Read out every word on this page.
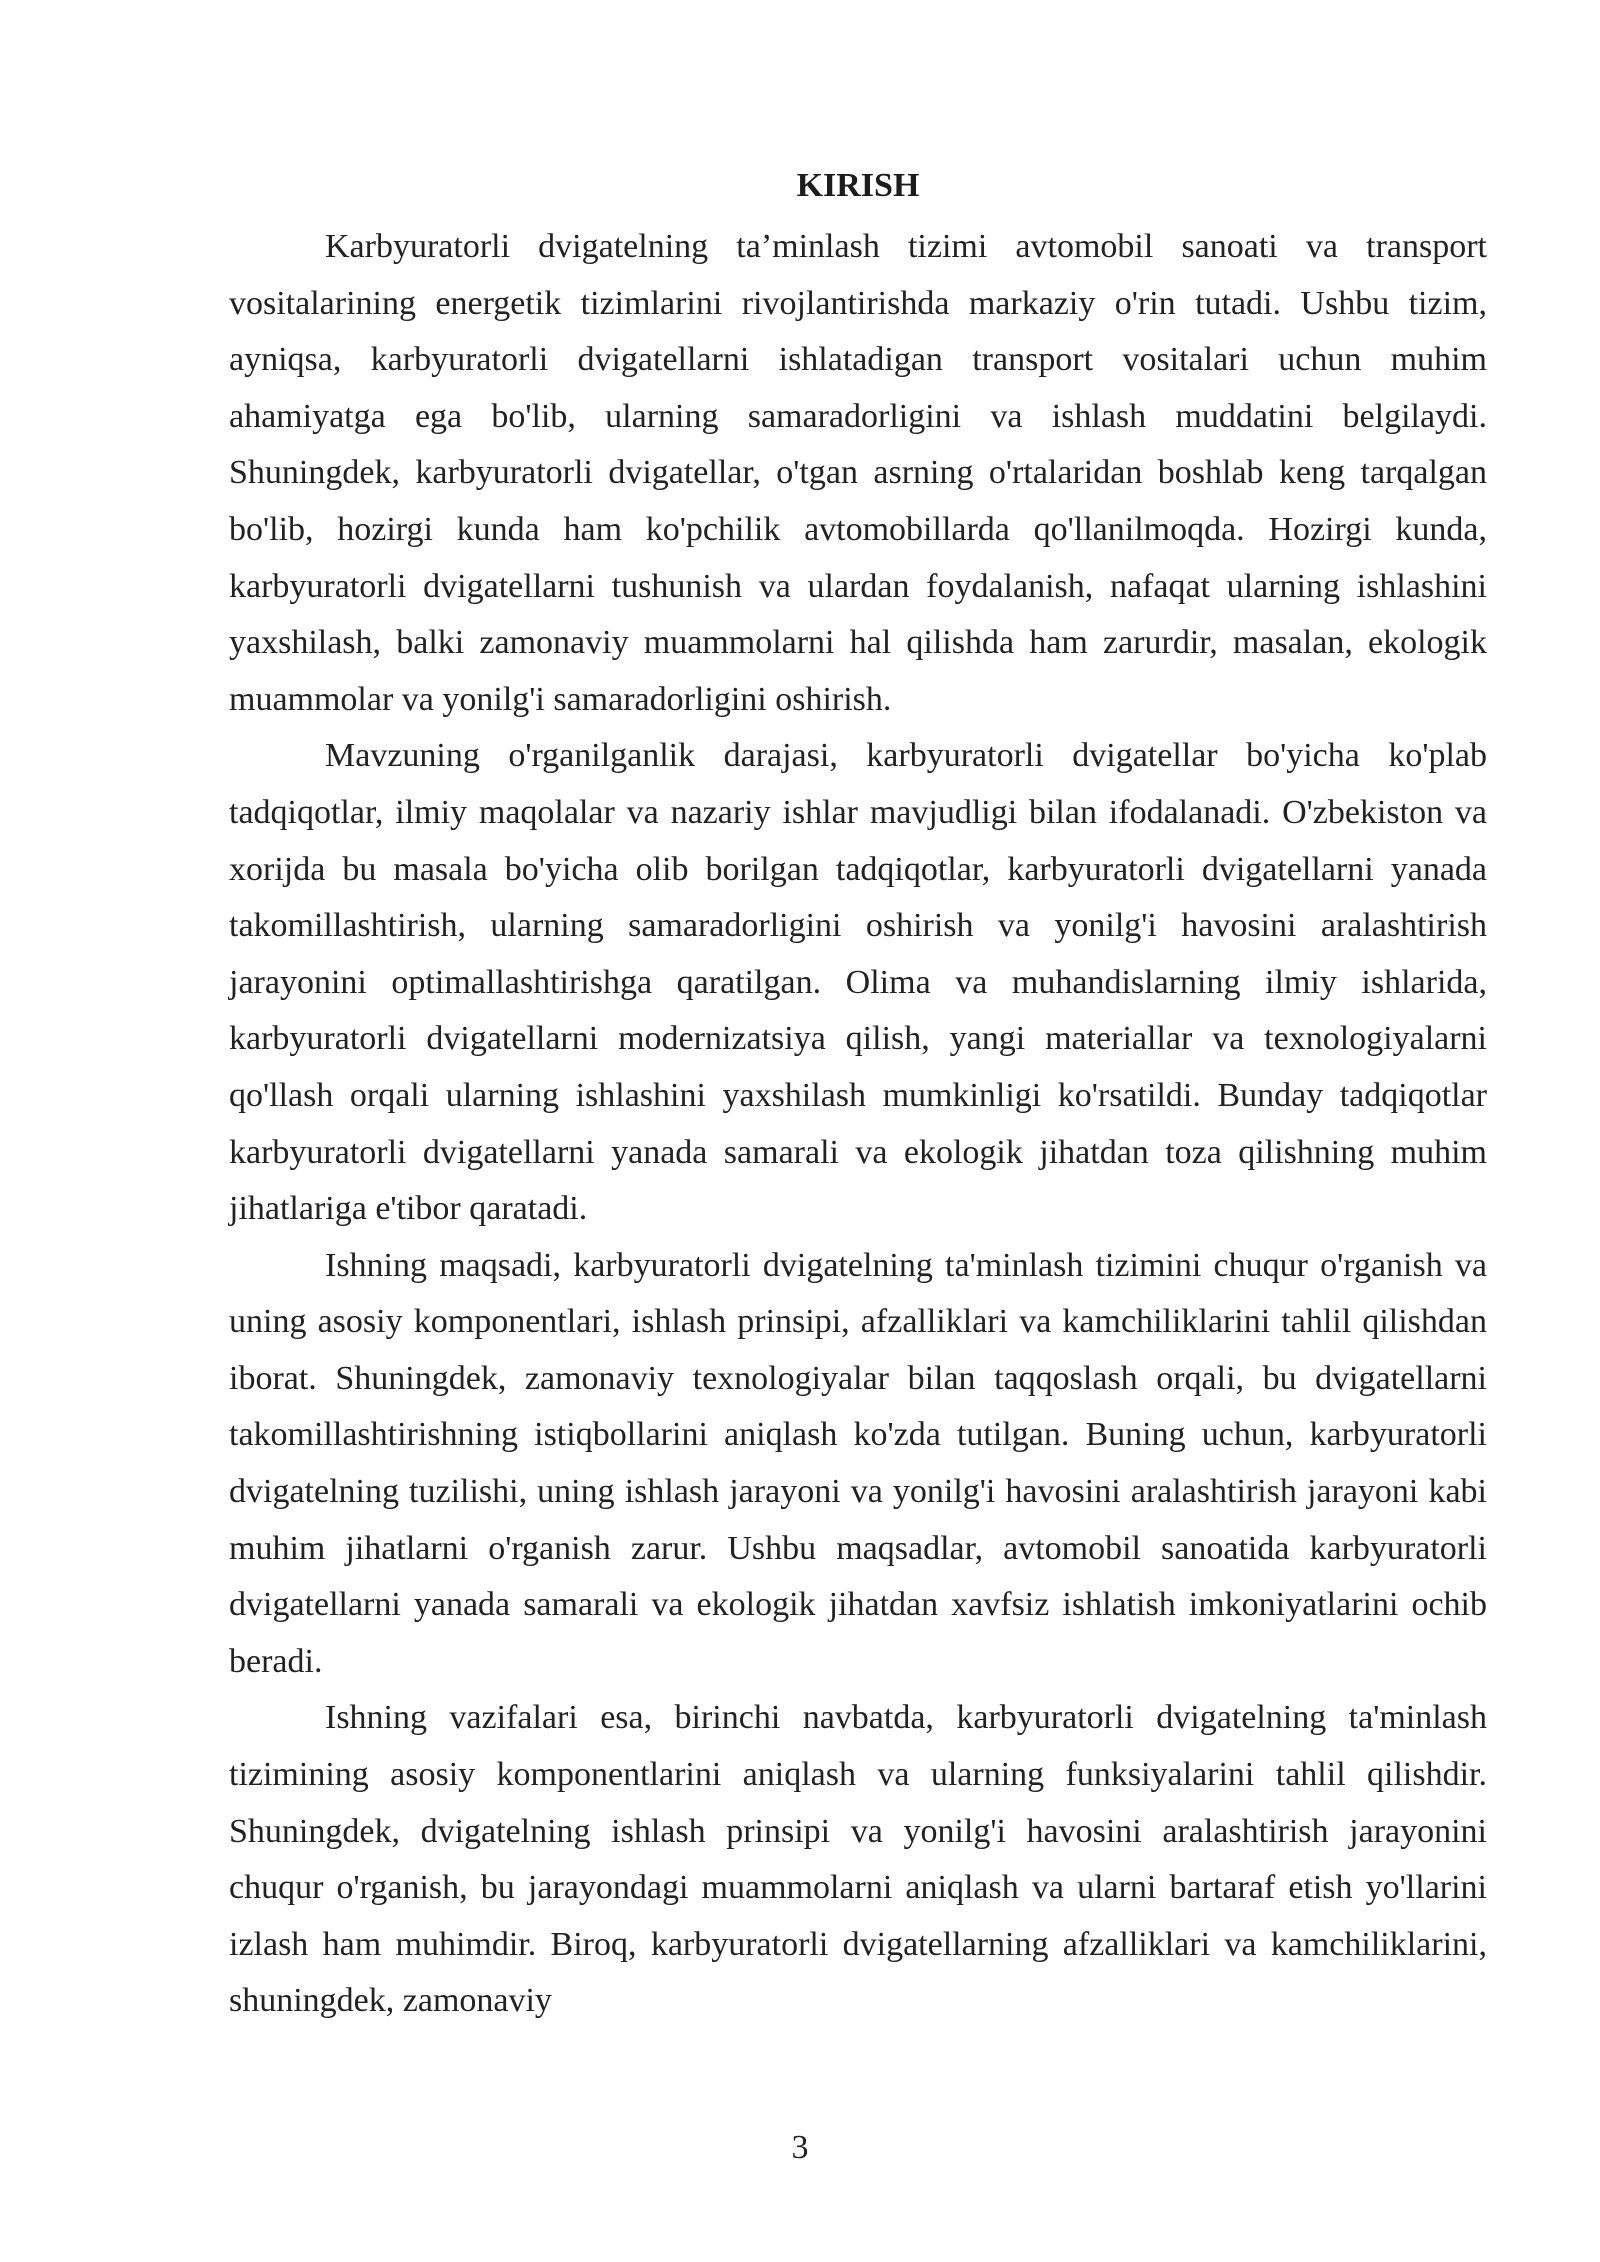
KIRISH

Karbyuratorli dvigatelning ta’minlash tizimi avtomobil sanoati va transport vositalarining energetik tizimlarini rivojlantirishda markaziy o'rin tutadi. Ushbu tizim, ayniqsa, karbyuratorli dvigatellarni ishlatadigan transport vositalari uchun muhim ahamiyatga ega bo'lib, ularning samaradorligini va ishlash muddatini belgilaydi. Shuningdek, karbyuratorli dvigatellar, o'tgan asrning o'rtalaridan boshlab keng tarqalgan bo'lib, hozirgi kunda ham ko'pchilik avtomobillarda qo'llanilmoqda. Hozirgi kunda, karbyuratorli dvigatellarni tushunish va ulardan foydalanish, nafaqat ularning ishlashini yaxshilash, balki zamonaviy muammolarni hal qilishda ham zarurdir, masalan, ekologik muammolar va yonilg'i samaradorligini oshirish.

Mavzuning o'rganilganlik darajasi, karbyuratorli dvigatellar bo'yicha ko'plab tadqiqotlar, ilmiy maqolalar va nazariy ishlar mavjudligi bilan ifodalanadi. O'zbekiston va xorijda bu masala bo'yicha olib borilgan tadqiqotlar, karbyuratorli dvigatellarni yanada takomillashtirish, ularning samaradorligini oshirish va yonilg'i havosini aralashtirish jarayonini optimallashtirishga qaratilgan. Olima va muhandislarning ilmiy ishlarida, karbyuratorli dvigatellarni modernizatsiya qilish, yangi materiallar va texnologiyalarni qo'llash orqali ularning ishlashini yaxshilash mumkinligi ko'rsatildi. Bunday tadqiqotlar karbyuratorli dvigatellarni yanada samarali va ekologik jihatdan toza qilishning muhim jihatlariga e'tibor qaratadi.

Ishning maqsadi, karbyuratorli dvigatelning ta'minlash tizimini chuqur o'rganish va uning asosiy komponentlari, ishlash prinsipi, afzalliklari va kamchiliklarini tahlil qilishdan iborat. Shuningdek, zamonaviy texnologiyalar bilan taqqoslash orqali, bu dvigatellarni takomillashtirishning istiqbollarini aniqlash ko'zda tutilgan. Buning uchun, karbyuratorli dvigatelning tuzilishi, uning ishlash jarayoni va yonilg'i havosini aralashtirish jarayoni kabi muhim jihatlarni o'rganish zarur. Ushbu maqsadlar, avtomobil sanoatida karbyuratorli dvigatellarni yanada samarali va ekologik jihatdan xavfsiz ishlatish imkoniyatlarini ochib beradi.

Ishning vazifalari esa, birinchi navbatda, karbyuratorli dvigatelning ta'minlash tizimining asosiy komponentlarini aniqlash va ularning funksiyalarini tahlil qilishdir. Shuningdek, dvigatelning ishlash prinsipi va yonilg'i havosini aralashtirish jarayonini chuqur o'rganish, bu jarayondagi muammolarni aniqlash va ularni bartaraf etish yo'llarini izlash ham muhimdir. Biroq, karbyuratorli dvigatellarning afzalliklari va kamchiliklarini, shuningdek, zamonaviy

3
